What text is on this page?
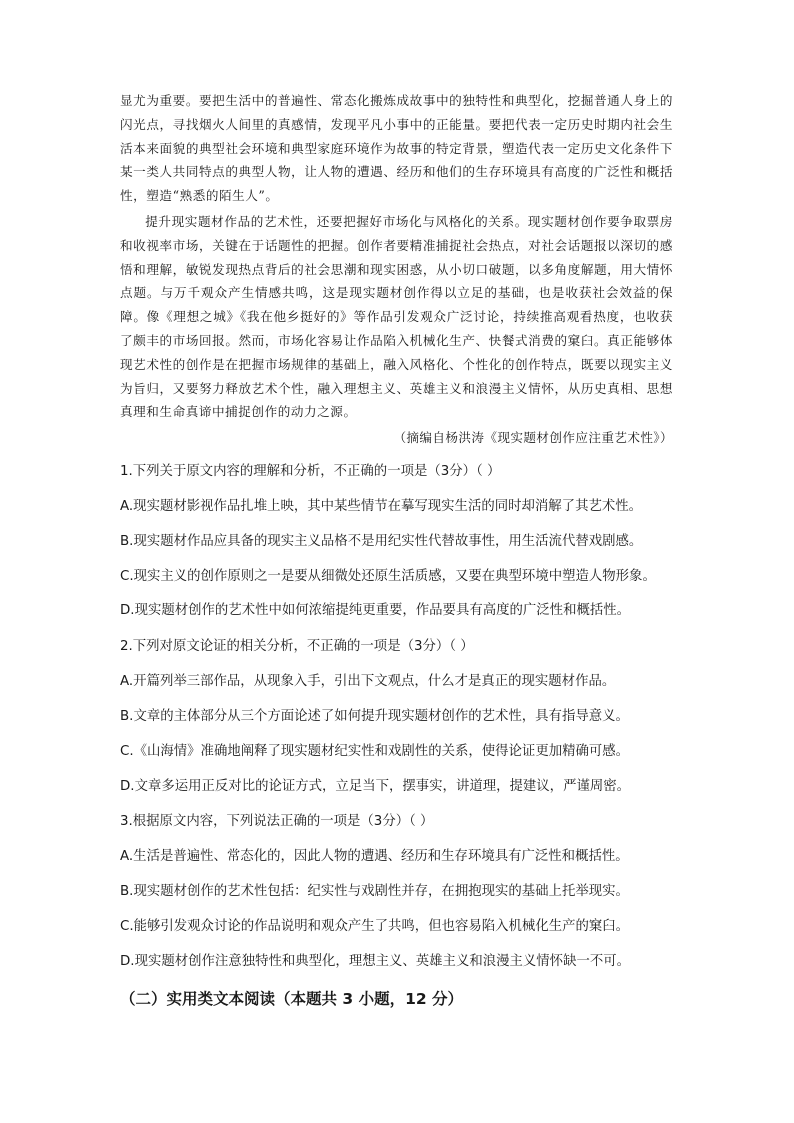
显尤为重要。要把生活中的普遍性、常态化搬炼成故事中的独特性和典型化，挖掘普通人身上的闪光点，寻找烟火人间里的真感情，发现平凡小事中的正能量。要把代表一定历史时期内社会生活本来面貌的典型社会环境和典型家庭环境作为故事的特定背景，塑造代表一定历史文化条件下某一类人共同特点的典型人物，让人物的遭遇、经历和他们的生存环境具有高度的广泛性和概括性，塑造“熟悉的陌生人”。

提升现实题材作品的艺术性，还要把握好市场化与风格化的关系。现实题材创作要争取票房和收视率市场，关键在于话题性的把握。创作者要精准捕捉社会热点，对社会话题报以深切的感悟和理解，敏锐发现热点背后的社会思潮和现实困惑，从小切口破题，以多角度解题，用大情怀点题。与万千观众产生情感共鸣，这是现实题材创作得以立足的基础，也是收获社会效益的保障。像《理想之城》《我在他乡挺好的》等作品引发观众广泛讨论，持续推高观看热度，也收获了颇丰的市场回报。然而，市场化容易让作品陷入机械化生产、快餐式消费的窠臼。真正能够体现艺术性的创作是在把握市场规律的基础上，融入风格化、个性化的创作特点，既要以现实主义为旨归，又要努力释放艺术个性，融入理想主义、英雄主义和浪漫主义情怀，从历史真相、思想真理和生命真谛中捕捉创作的动力之源。

（摘编自杨洪涛《现实题材创作应注重艺术性》）
1.下列关于原文内容的理解和分析，不正确的一项是（3分）（ ）
A.现实题材影视作品扎堆上映，其中某些情节在摹写现实生活的同时却消解了其艺术性。
B.现实题材作品应具备的现实主义品格不是用纪实性代替故事性，用生活流代替戏剧感。
C.现实主义的创作原则之一是要从细微处还原生活质感，又要在典型环境中塑造人物形象。
D.现实题材创作的艺术性中如何浓缩提纯更重要，作品要具有高度的广泛性和概括性。
2.下列对原文论证的相关分析，不正确的一项是（3分）（ ）
A.开篇列举三部作品，从现象入手，引出下文观点，什么才是真正的现实题材作品。
B.文章的主体部分从三个方面论述了如何提升现实题材创作的艺术性，具有指导意义。
C.《山海情》准确地阐释了现实题材纪实性和戏剧性的关系，使得论证更加精确可感。
D.文章多运用正反对比的论证方式，立足当下，摆事实，讲道理，提建议，严谨周密。
3.根据原文内容，下列说法正确的一项是（3分）（ ）
A.生活是普遍性、常态化的，因此人物的遭遇、经历和生存环境具有广泛性和概括性。
B.现实题材创作的艺术性包括：纪实性与戏剧性并存，在拥抱现实的基础上托举现实。
C.能够引发观众讨论的作品说明和观众产生了共鸣，但也容易陷入机械化生产的窠臼。
D.现实题材创作注意独特性和典型化，理想主义、英雄主义和浪漫主义情怀缺一不可。
（二）实用类文本阅读（本题共 3 小题，12 分）
